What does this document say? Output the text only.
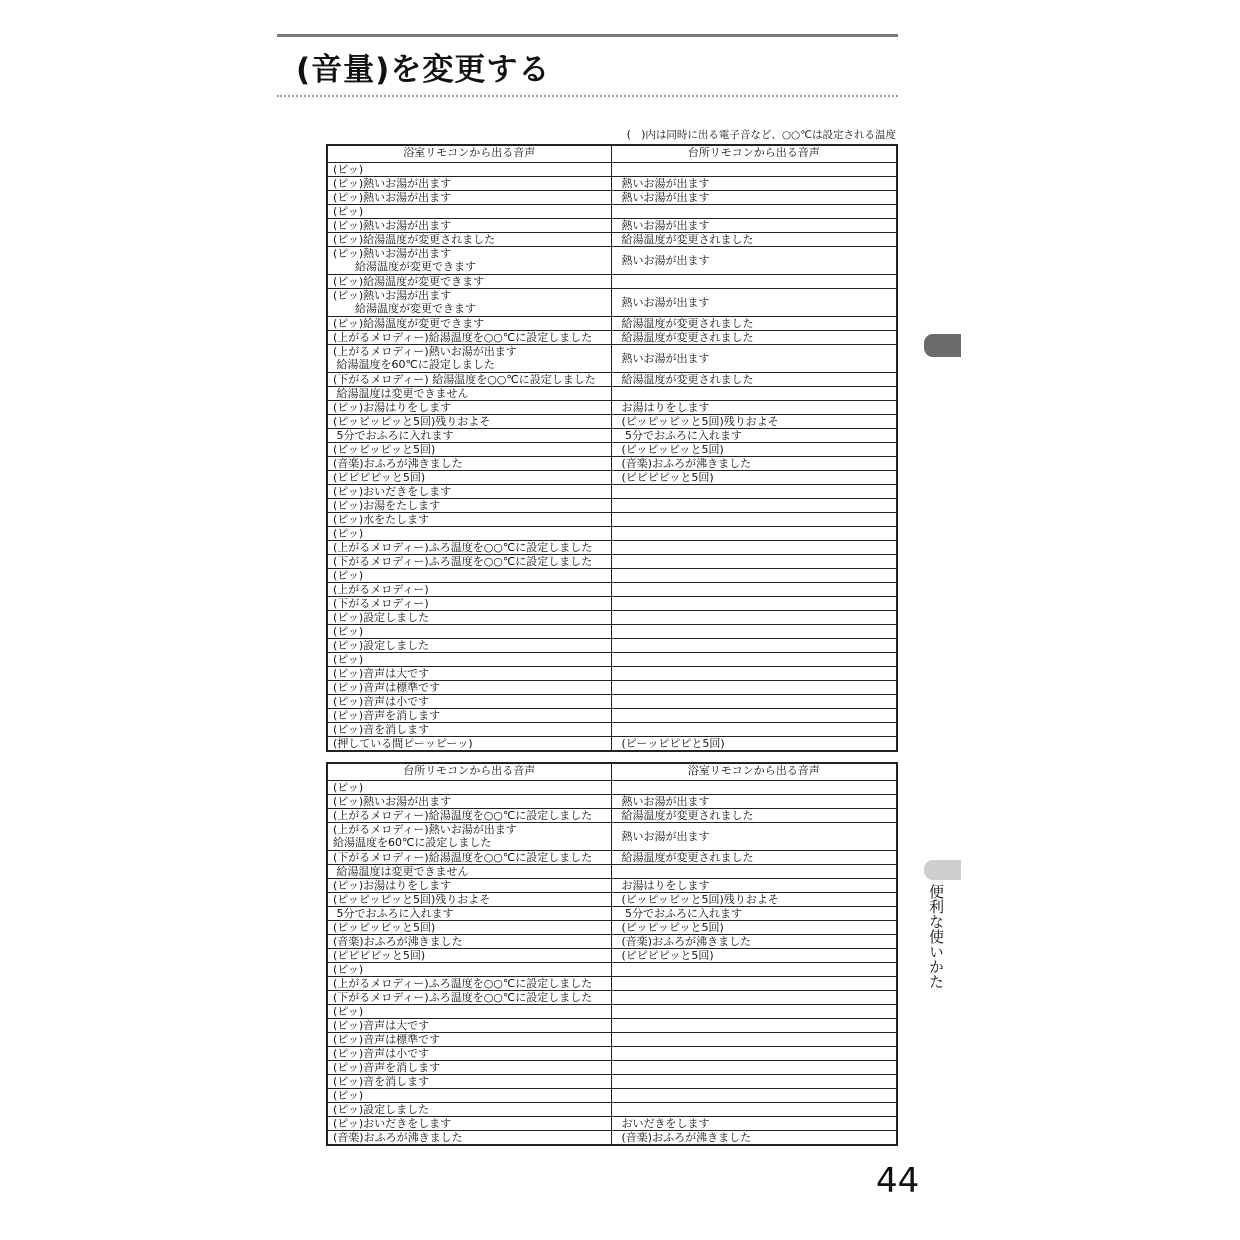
(音量)を変更する
(　)内は同時に出る電子音など、○○℃は設定される温度
浴室リモコンから出る音声	台所リモコンから出る音声
(ピッ)	
(ピッ)熱いお湯が出ます	熱いお湯が出ます
(ピッ)熱いお湯が出ます	熱いお湯が出ます
(ピッ)	
(ピッ)熱いお湯が出ます	熱いお湯が出ます
(ピッ)給湯温度が変更されました	給湯温度が変更されました
(ピッ)熱いお湯が出ます
　　給湯温度が変更できます	熱いお湯が出ます
(ピッ)給湯温度が変更できます	
(ピッ)熱いお湯が出ます
　　給湯温度が変更できます	熱いお湯が出ます
(ピッ)給湯温度が変更できます	給湯温度が変更されました
(上がるメロディー)給湯温度を○○℃に設定しました	給湯温度が変更されました
(上がるメロディー)熱いお湯が出ます
給湯温度を60℃に設定しました	熱いお湯が出ます
(下がるメロディー) 給湯温度を○○℃に設定しました	給湯温度が変更されました
給湯温度は変更できません	
(ピッ)お湯はりをします	お湯はりをします
(ピッピッピッと5回)残りおよそ	(ピッピッピッと5回)残りおよそ
5分でおふろに入れます	5分でおふろに入れます
(ピッピッピッと5回)	(ピッピッピッと5回)
(音楽)おふろが沸きました	(音楽)おふろが沸きました
(ピピピピッと5回)	(ピピピピッと5回)
(ピッ)おいだきをします	
(ピッ)お湯をたします	
(ピッ)水をたします	
(ピッ)	
(上がるメロディー)ふろ温度を○○℃に設定しました	
(下がるメロディー)ふろ温度を○○℃に設定しました	
(ピッ)	
(上がるメロディー)	
(下がるメロディー)	
(ピッ)設定しました	
(ピッ)	
(ピッ)設定しました	
(ピッ)	
(ピッ)音声は大です	
(ピッ)音声は標準です	
(ピッ)音声は小です	
(ピッ)音声を消します	
(ピッ)音を消します	
(押している間ピーッピーッ)	(ピーッピピピと5回)
台所リモコンから出る音声	浴室リモコンから出る音声
(ピッ)	
(ピッ)熱いお湯が出ます	熱いお湯が出ます
(上がるメロディー)給湯温度を○○℃に設定しました	給湯温度が変更されました
(上がるメロディー)熱いお湯が出ます
給湯温度を60℃に設定しました	熱いお湯が出ます
(下がるメロディー)給湯温度を○○℃に設定しました	給湯温度が変更されました
給湯温度は変更できません	
(ピッ)お湯はりをします	お湯はりをします
(ピッピッピッと5回)残りおよそ	(ピッピッピッと5回)残りおよそ
5分でおふろに入れます	5分でおふろに入れます
(ピッピッピッと5回)	(ピッピッピッと5回)
(音楽)おふろが沸きました	(音楽)おふろが沸きました
(ピピピピッと5回)	(ピピピピッと5回)
(ピッ)	
(上がるメロディー)ふろ温度を○○℃に設定しました	
(下がるメロディー)ふろ温度を○○℃に設定しました	
(ピッ)	
(ピッ)音声は大です	
(ピッ)音声は標準です	
(ピッ)音声は小です	
(ピッ)音声を消します	
(ピッ)音を消します	
(ピッ)	
(ピッ)設定しました	
(ピッ)おいだきをします	おいだきをします
(音楽)おふろが沸きました	(音楽)おふろが沸きました
便利な使いかた
44
